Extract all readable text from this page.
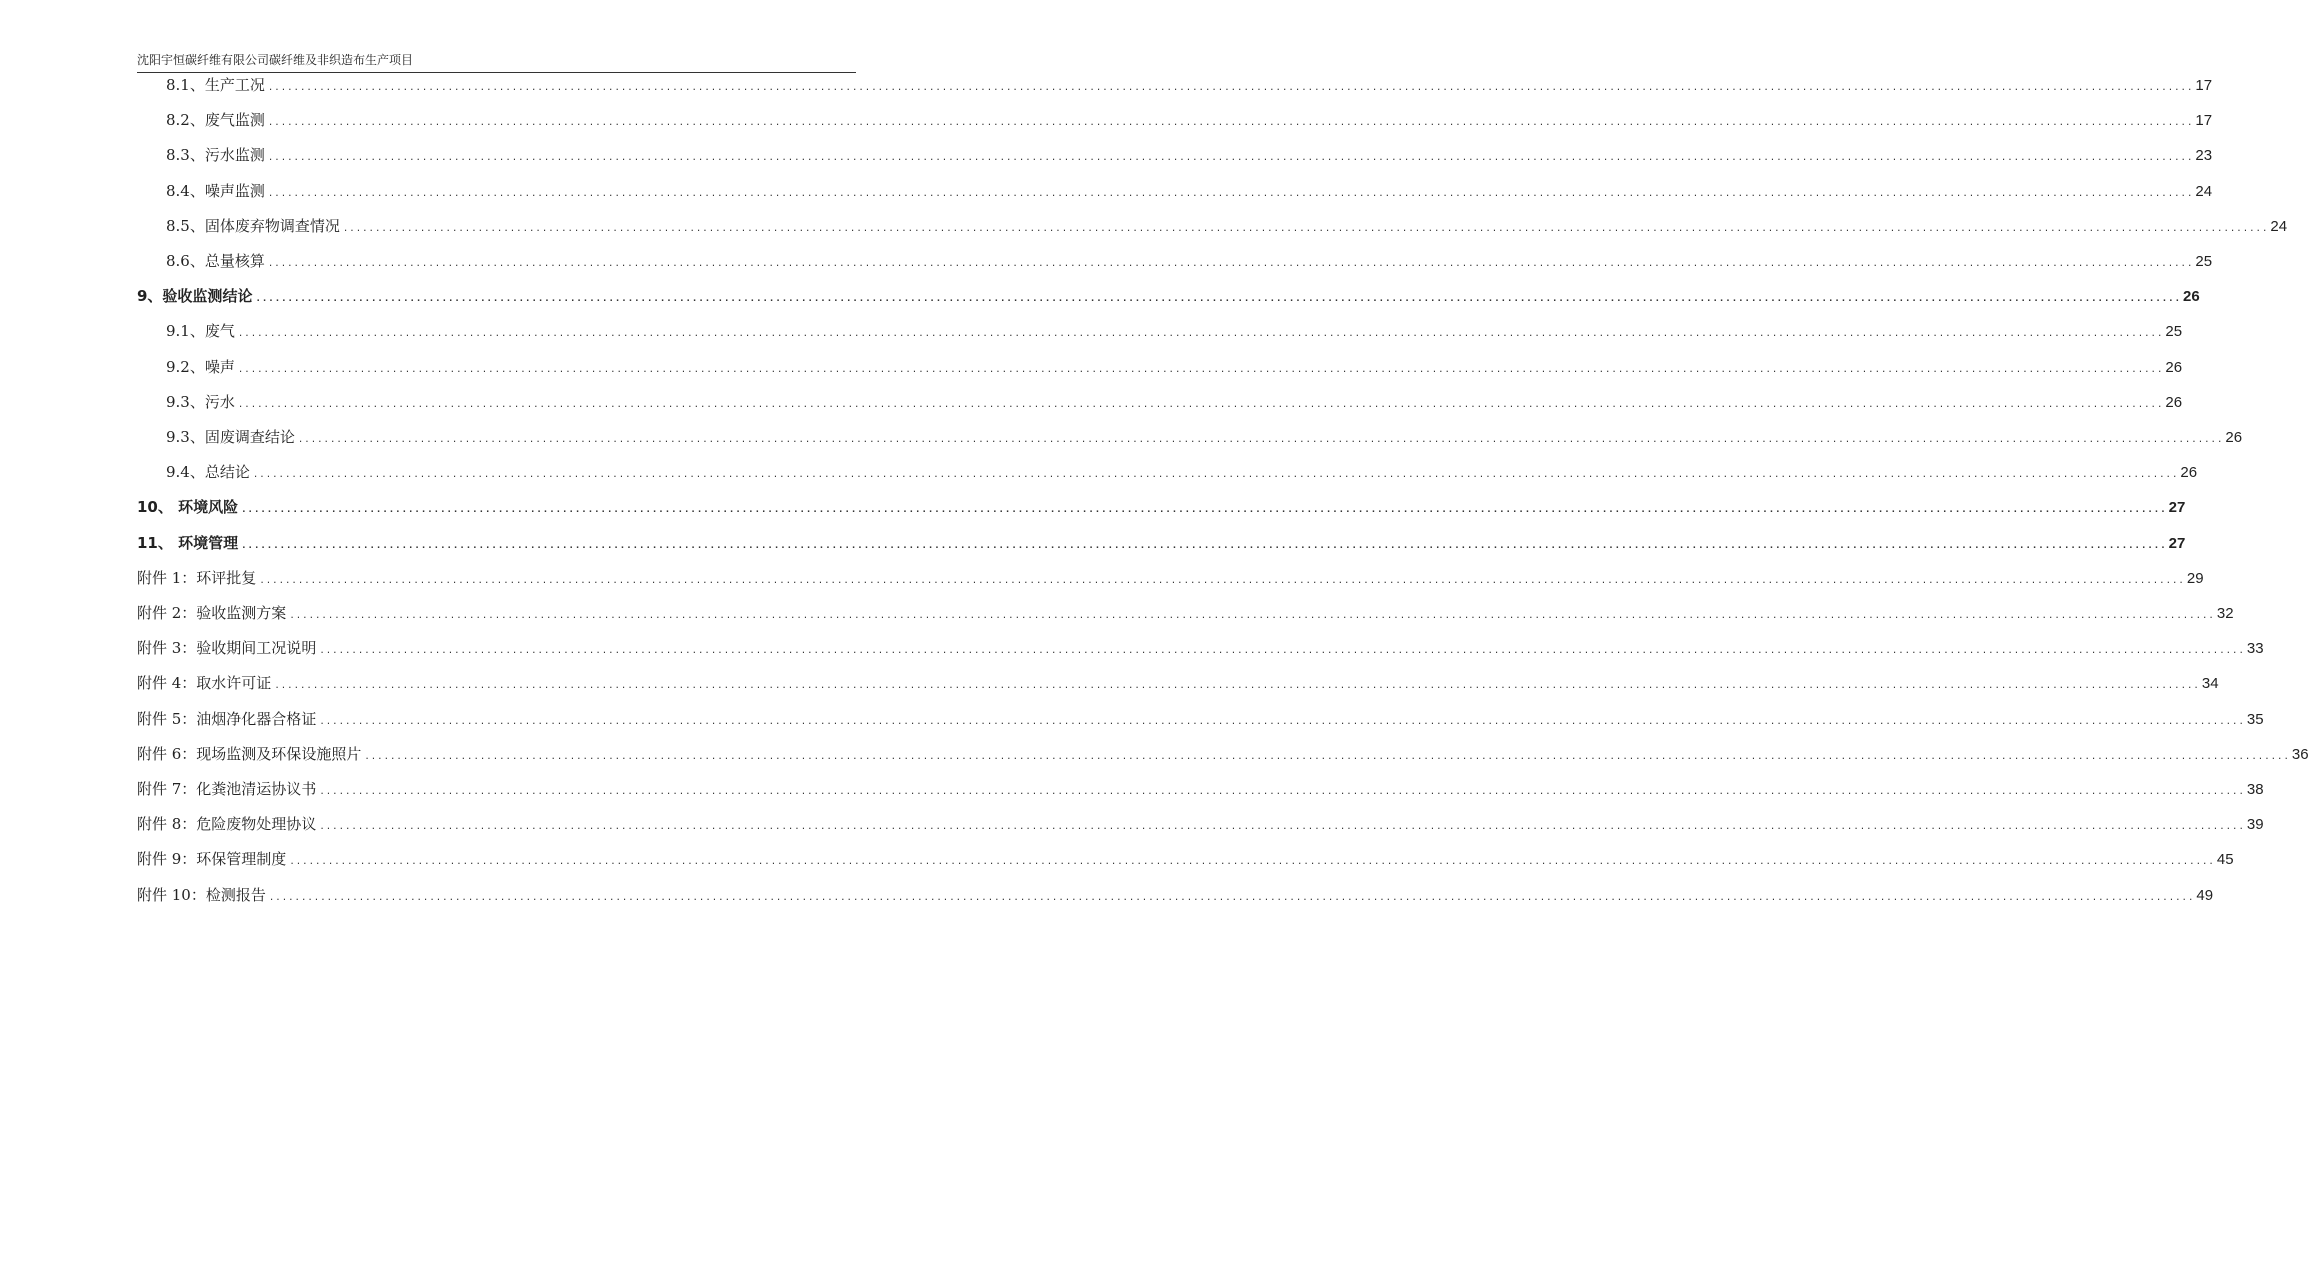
沈阳宇恒碳纤维有限公司碳纤维及非织造布生产项目
8.1、生产工况 ............................................................................................................................................................................................................................................................................................................ 17
8.2、废气监测 ............................................................................................................................................................................................................................................................................................................ 17
8.3、污水监测 ............................................................................................................................................................................................................................................................................................................ 23
8.4、噪声监测 ............................................................................................................................................................................................................................................................................................................ 24
8.5、固体废弃物调查情况 ............................................................................................................................................................................................................................................................................................................ 24
8.6、总量核算 ............................................................................................................................................................................................................................................................................................................ 25
9、验收监测结论 ............................................................................................................................................................................................................................................................................................................ 26
9.1、废气 ............................................................................................................................................................................................................................................................................................................ 25
9.2、噪声 ............................................................................................................................................................................................................................................................................................................ 26
9.3、污水 ............................................................................................................................................................................................................................................................................................................ 26
9.3、固废调查结论 ............................................................................................................................................................................................................................................................................................................ 26
9.4、总结论 ............................................................................................................................................................................................................................................................................................................ 26
10、 环境风险 ............................................................................................................................................................................................................................................................................................................ 27
11、 环境管理 ............................................................................................................................................................................................................................................................................................................ 27
附件 1：环评批复 ............................................................................................................................................................................................................................................................................................................ 29
附件 2：验收监测方案 ............................................................................................................................................................................................................................................................................................................ 32
附件 3：验收期间工况说明 ............................................................................................................................................................................................................................................................................................................ 33
附件 4：取水许可证 ............................................................................................................................................................................................................................................................................................................ 34
附件 5：油烟净化器合格证 ............................................................................................................................................................................................................................................................................................................ 35
附件 6：现场监测及环保设施照片 ............................................................................................................................................................................................................................................................................................................ 36
附件 7：化粪池清运协议书 ............................................................................................................................................................................................................................................................................................................ 38
附件 8：危险废物处理协议 ............................................................................................................................................................................................................................................................................................................ 39
附件 9：环保管理制度 ............................................................................................................................................................................................................................................................................................................ 45
附件 10：检测报告 ............................................................................................................................................................................................................................................................................................................ 49
